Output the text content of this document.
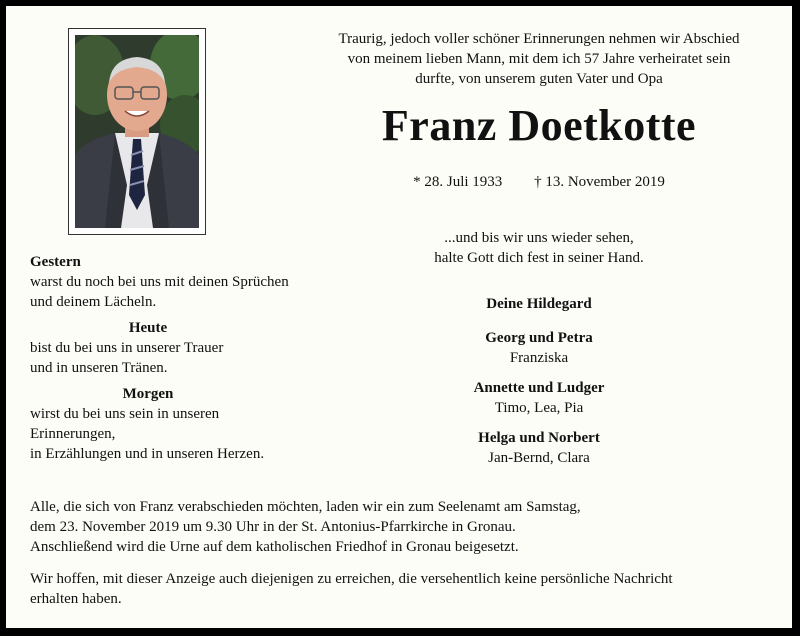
Traurig, jedoch voller schöner Erinnerungen nehmen wir Abschied
von meinem lieben Mann, mit dem ich 57 Jahre verheiratet sein
durfte, von unserem guten Vater und Opa
Franz Doetkotte
* 28. Juli 1933 † 13. November 2019
Gestern
warst du noch bei uns mit deinen Sprüchen
und deinem Lächeln.
Heute
bist du bei uns in unserer Trauer
und in unseren Tränen.
Morgen
wirst du bei uns sein in unseren
Erinnerungen,
in Erzählungen und in unseren Herzen.
...und bis wir uns wieder sehen,
halte Gott dich fest in seiner Hand.
Deine Hildegard
Georg und Petra
Franziska
Annette und Ludger
Timo, Lea, Pia
Helga und Norbert
Jan-Bernd, Clara

Alle, die sich von Franz verabschieden möchten, laden wir ein zum Seelenamt am Samstag,
dem 23. November 2019 um 9.30 Uhr in der St. Antonius-Pfarrkirche in Gronau.
Anschließend wird die Urne auf dem katholischen Friedhof in Gronau beigesetzt.

Wir hoffen, mit dieser Anzeige auch diejenigen zu erreichen, die versehentlich keine persönliche Nachricht
erhalten haben.
